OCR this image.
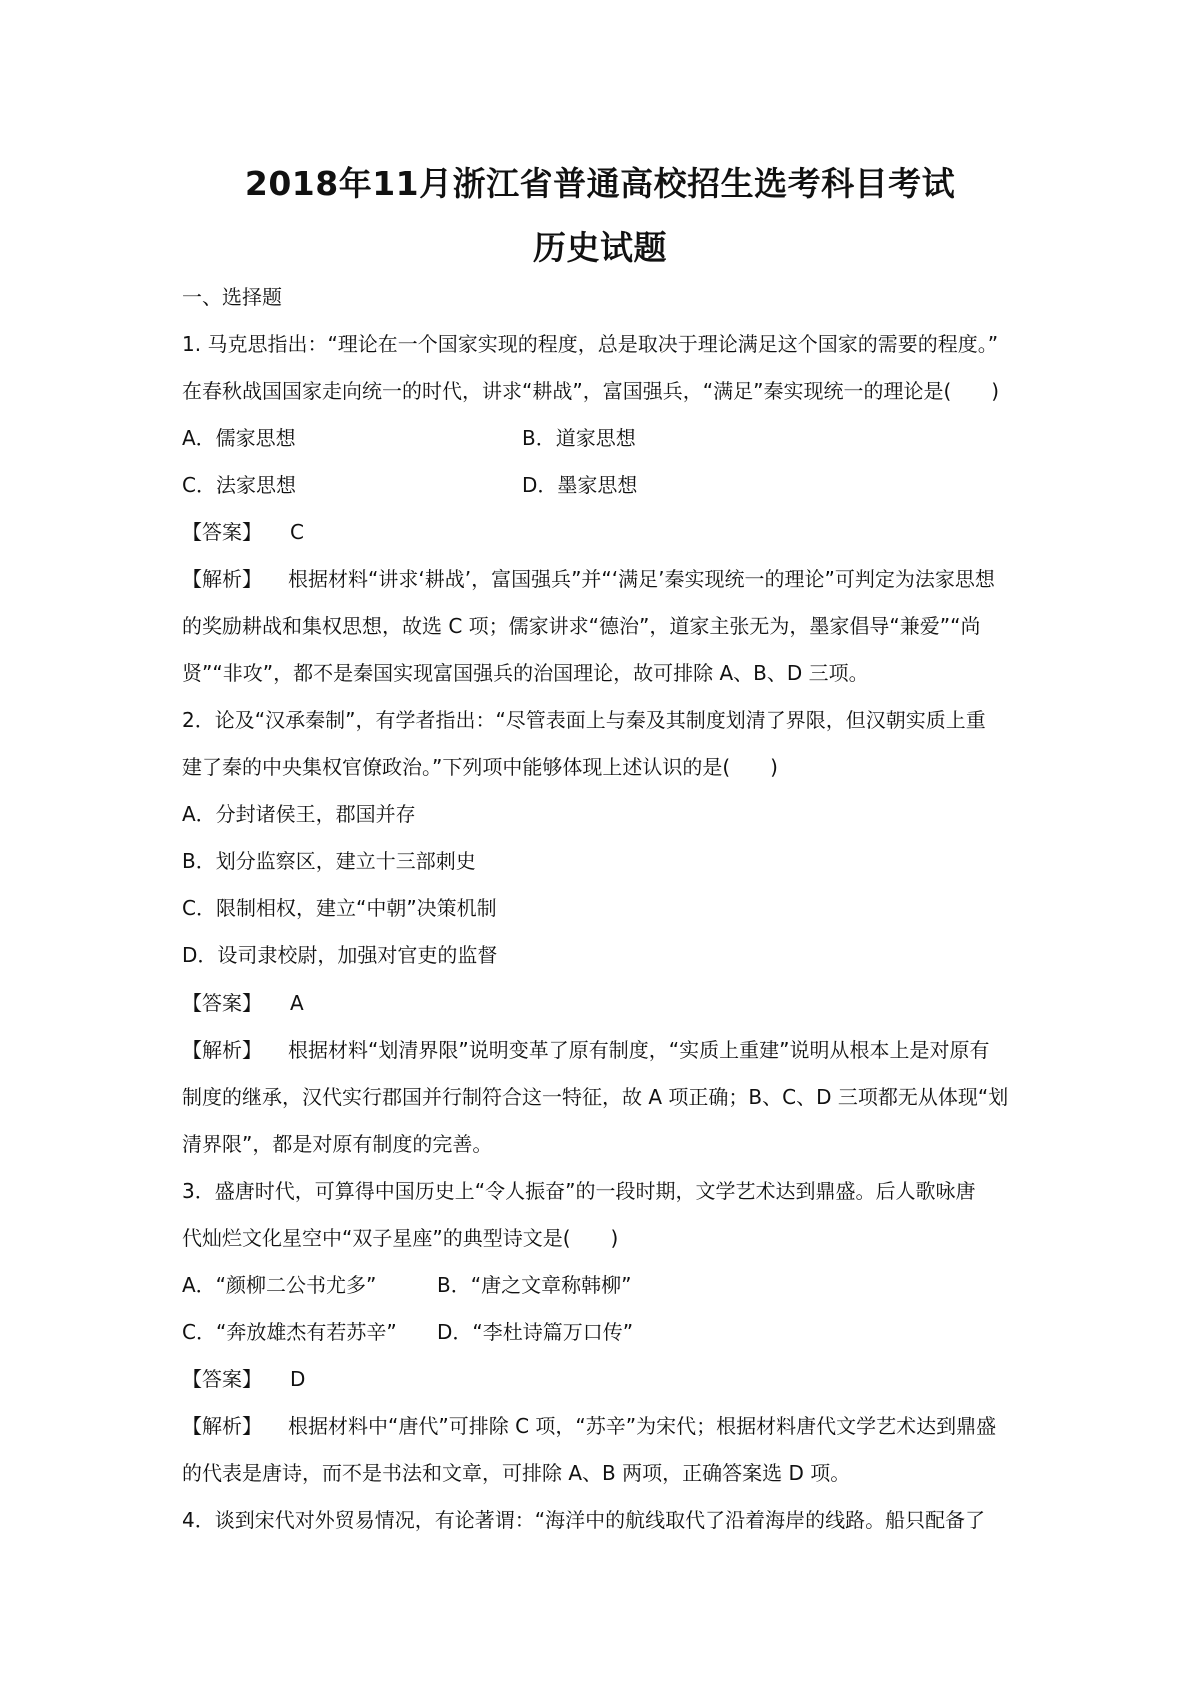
2018年11月浙江省普通高校招生选考科目考试
历史试题
一、选择题
1. 马克思指出：“理论在一个国家实现的程度，总是取决于理论满足这个国家的需要的程度。”
在春秋战国国家走向统一的时代，讲求“耕战”，富国强兵，“满足”秦实现统一的理论是(　　)
A．儒家思想	B．道家思想
C．法家思想	D．墨家思想
【答案】 C
【解析】 根据材料“讲求‘耕战’，富国强兵”并“‘满足’秦实现统一的理论”可判定为法家思想
的奖励耕战和集权思想，故选 C 项；儒家讲求“德治”，道家主张无为，墨家倡导“兼爱”“尚
贤”“非攻”，都不是秦国实现富国强兵的治国理论，故可排除 A、B、D 三项。
2．论及“汉承秦制”，有学者指出：“尽管表面上与秦及其制度划清了界限，但汉朝实质上重
建了秦的中央集权官僚政治。”下列项中能够体现上述认识的是(　　)
A．分封诸侯王，郡国并存
B．划分监察区，建立十三部刺史
C．限制相权，建立“中朝”决策机制
D．设司隶校尉，加强对官吏的监督
【答案】 A
【解析】 根据材料“划清界限”说明变革了原有制度，“实质上重建”说明从根本上是对原有
制度的继承，汉代实行郡国并行制符合这一特征，故 A 项正确；B、C、D 三项都无从体现“划
清界限”，都是对原有制度的完善。
3．盛唐时代，可算得中国历史上“令人振奋”的一段时期，文学艺术达到鼎盛。后人歌咏唐
代灿烂文化星空中“双子星座”的典型诗文是(　　)
A．“颜柳二公书尤多”	B．“唐之文章称韩柳”
C．“奔放雄杰有若苏辛” D．“李杜诗篇万口传”
【答案】 D
【解析】 根据材料中“唐代”可排除 C 项，“苏辛”为宋代；根据材料唐代文学艺术达到鼎盛
的代表是唐诗，而不是书法和文章，可排除 A、B 两项，正确答案选 D 项。
4．谈到宋代对外贸易情况，有论著谓：“海洋中的航线取代了沿着海岸的线路。船只配备了
